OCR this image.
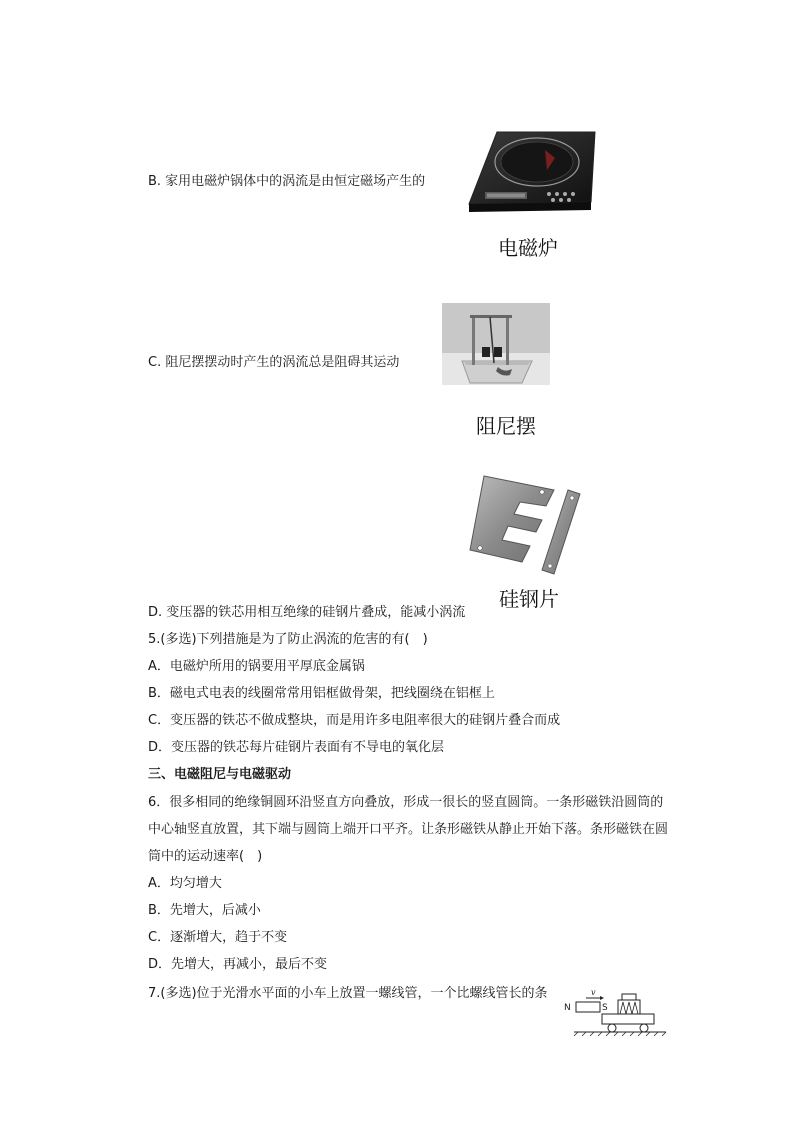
B. 家用电磁炉锅体中的涡流是由恒定磁场产生的
电磁炉
C. 阻尼摆摆动时产生的涡流总是阻碍其运动
阻尼摆
硅钢片
D. 变压器的铁芯用相互绝缘的硅钢片叠成，能减小涡流
5.(多选)下列措施是为了防止涡流的危害的有(　)
A．电磁炉所用的锅要用平厚底金属锅
B．磁电式电表的线圈常常用铝框做骨架，把线圈绕在铝框上
C．变压器的铁芯不做成整块，而是用许多电阻率很大的硅钢片叠合而成
D．变压器的铁芯每片硅钢片表面有不导电的氧化层
三、电磁阻尼与电磁驱动
6．很多相同的绝缘铜圆环沿竖直方向叠放，形成一很长的竖直圆筒。一条形磁铁沿圆筒的
中心轴竖直放置，其下端与圆筒上端开口平齐。让条形磁铁从静止开始下落。条形磁铁在圆
筒中的运动速率(　)
A．均匀增大
B．先增大，后减小
C．逐渐增大，趋于不变
D．先增大，再减小，最后不变
7.(多选)位于光滑水平面的小车上放置一螺线管，一个比螺线管长的条	v
N	S
